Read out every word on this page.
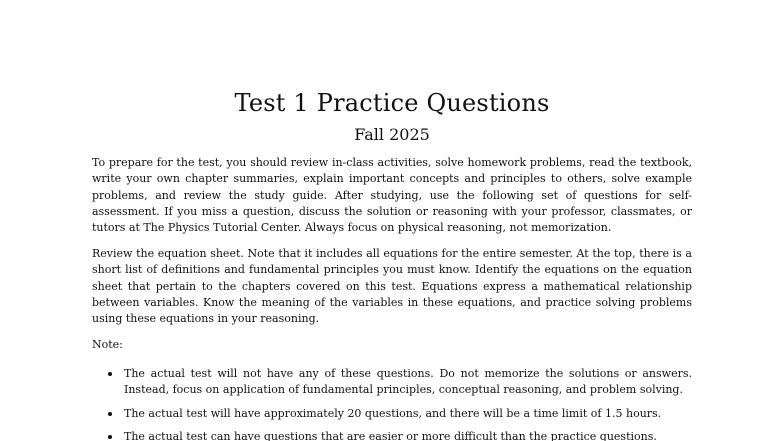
Test 1 Practice Questions
Fall 2025
To prepare for the test, you should review in-class activities, solve homework problems, read the textbook, write your own chapter summaries, explain important concepts and principles to others, solve example problems, and review the study guide. After studying, use the following set of questions for self-assessment. If you miss a question, discuss the solution or reasoning with your professor, classmates, or tutors at The Physics Tutorial Center. Always focus on physical reasoning, not memorization.
Review the equation sheet. Note that it includes all equations for the entire semester. At the top, there is a short list of definitions and fundamental principles you must know. Identify the equations on the equation sheet that pertain to the chapters covered on this test. Equations express a mathematical relationship between variables. Know the meaning of the variables in these equations, and practice solving problems using these equations in your reasoning.
Note:
The actual test will not have any of these questions. Do not memorize the solutions or answers. Instead, focus on application of fundamental principles, conceptual reasoning, and problem solving.
The actual test will have approximately 20 questions, and there will be a time limit of 1.5 hours.
The actual test can have questions that are easier or more difficult than the practice questions.
